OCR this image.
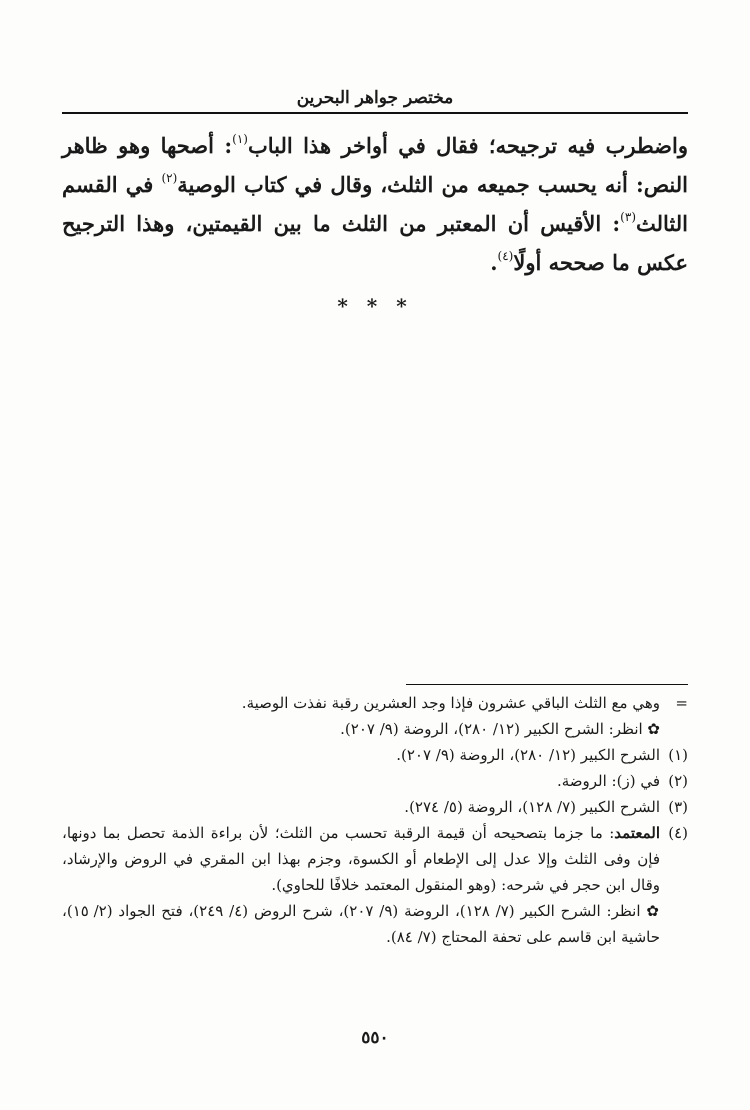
مختصر جواهر البحرين

واضطرب فيه ترجيحه؛ فقال في أواخر هذا الباب$^{(١)}$: أصحها وهو ظاهر النص: أنه يحسب جميعه من الثلث، وقال في كتاب الوصية$^{(٢)}$ في القسم الثالث$^{(٣)}$: الأقيس أن المعتبر من الثلث ما بين القيمتين، وهذا الترجيح عكس ما صححه أولًا$^{(٤)}$.

* * *
=
وهي مع الثلث الباقي عشرون فإذا وجد العشرين رقبة نفذت الوصية.
✿ انظر: الشرح الكبير (١٢/ ٢٨٠)، الروضة (٩/ ٢٠٧).
(١)
الشرح الكبير (١٢/ ٢٨٠)، الروضة (٩/ ٢٠٧).
(٢)
في (ز): الروضة.
(٣)
الشرح الكبير (٧/ ١٢٨)، الروضة (٥/ ٢٧٤).
(٤)
المعتمد: ما جزما بتصحيحه أن قيمة الرقبة تحسب من الثلث؛ لأن براءة الذمة تحصل بما دونها، فإن وفى الثلث وإلا عدل إلى الإطعام أو الكسوة، وجزم بهذا ابن المقري في الروض والإرشاد، وقال ابن حجر في شرحه: (وهو المنقول المعتمد خلافًا للحاوي).
✿ انظر: الشرح الكبير (٧/ ١٢٨)، الروضة (٩/ ٢٠٧)، شرح الروض (٤/ ٢٤٩)، فتح الجواد (٢/ ١٥)، حاشية ابن قاسم على تحفة المحتاج (٧/ ٨٤).
٥٥٠
